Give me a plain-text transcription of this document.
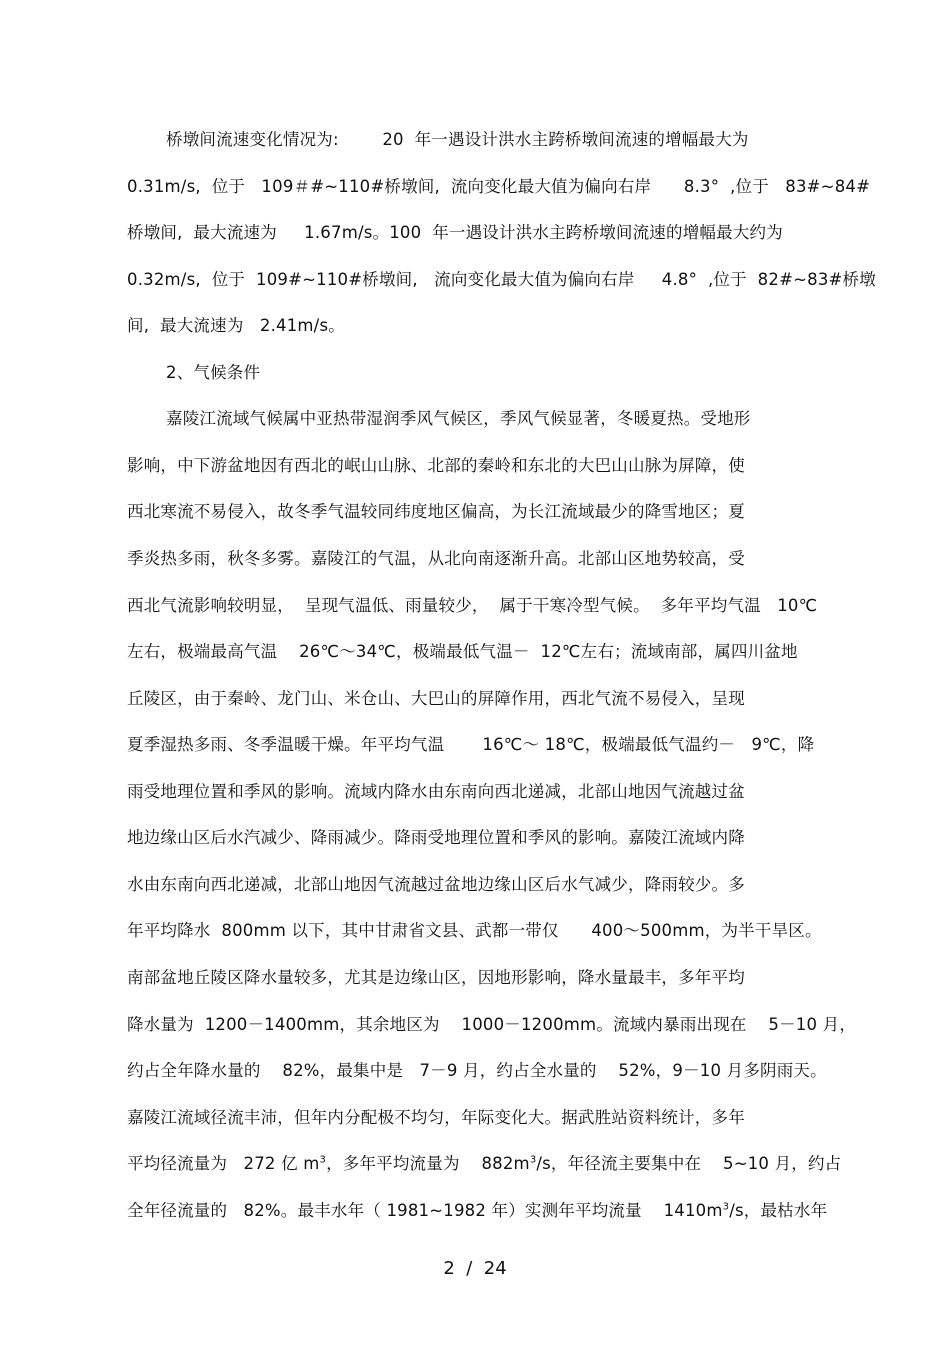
桥墩间流速变化情况为:        20  年一遇设计洪水主跨桥墩间流速的增幅最大为
0.31m/s,  位于   109＃#~110#桥墩间,  流向变化最大值为偏向右岸      8.3°  ,位于   83#~84#
桥墩间,  最大流速为     1.67m/s。100  年一遇设计洪水主跨桥墩间流速的增幅最大约为
0.32m/s,  位于  109#~110#桥墩间,   流向变化最大值为偏向右岸     4.8°  ,位于  82#~83#桥墩
间,  最大流速为   2.41m/s。
2、气候条件
嘉陵江流域气候属中亚热带湿润季风气候区，季风气候显著，冬暖夏热。受地形
影响，中下游盆地因有西北的岷山山脉、北部的秦岭和东北的大巴山山脉为屏障，使
西北寒流不易侵入，故冬季气温较同纬度地区偏高，为长江流域最少的降雪地区；夏
季炎热多雨，秋冬多雾。嘉陵江的气温，从北向南逐渐升高。北部山区地势较高，受
西北气流影响较明显，  呈现气温低、雨量较少，  属于干寒冷型气候。  多年平均气温   10℃
左右，极端最高气温    26℃～34℃，极端最低气温－  12℃左右；流域南部，属四川盆地
丘陵区，由于秦岭、龙门山、米仓山、大巴山的屏障作用，西北气流不易侵入，呈现
夏季湿热多雨、冬季温暖干燥。年平均气温       16℃～ 18℃，极端最低气温约－   9℃，降
雨受地理位置和季风的影响。流域内降水由东南向西北递减，北部山地因气流越过盆
地边缘山区后水汽减少、降雨减少。降雨受地理位置和季风的影响。嘉陵江流域内降
水由东南向西北递减，北部山地因气流越过盆地边缘山区后水气减少，降雨较少。多
年平均降水  800mm 以下，其中甘肃省文县、武都一带仅      400～500mm，为半干旱区。
南部盆地丘陵区降水量较多，尤其是边缘山区，因地形影响，降水量最丰，多年平均
降水量为  1200－1400mm，其余地区为    1000－1200mm。流域内暴雨出现在    5－10 月，
约占全年降水量的    82%，最集中是   7－9 月，约占全水量的    52%，9－10 月多阴雨天。
嘉陵江流域径流丰沛，但年内分配极不均匀，年际变化大。据武胜站资料统计，多年
平均径流量为   272 亿 $m^3$，多年平均流量为    $882m^3/s$，年径流主要集中在    5~10 月，约占
全年径流量的   82%。最丰水年（ 1981~1982 年）实测年平均流量    $1410m^3/s$，最枯水年
2  /  24
